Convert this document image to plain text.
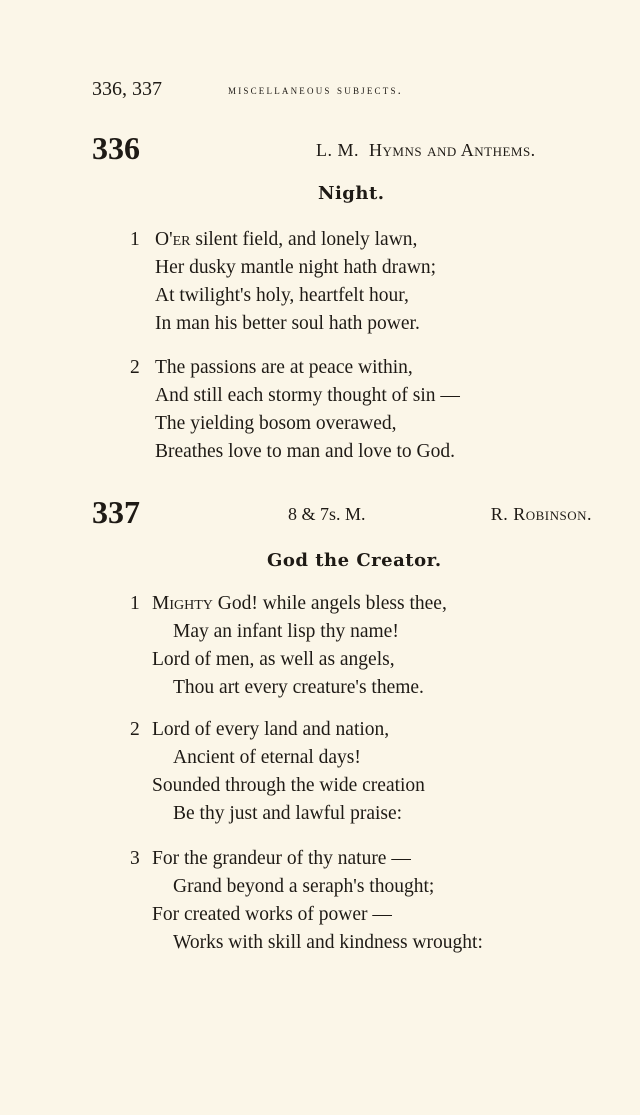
336, 337	miscellaneous subjects.
336	L. M. Hymns and Anthems.
Night.
1 O'er silent field, and lonely lawn,
Her dusky mantle night hath drawn;
At twilight's holy, heartfelt hour,
In man his better soul hath power.
2 The passions are at peace within,
And still each stormy thought of sin —
The yielding bosom overawed,
Breathes love to man and love to God.
337	8 & 7s. M.	R. Robinson.
God the Creator.
1 Mighty God! while angels bless thee,
May an infant lisp thy name!
Lord of men, as well as angels,
Thou art every creature's theme.
2 Lord of every land and nation,
Ancient of eternal days!
Sounded through the wide creation
Be thy just and lawful praise:
3 For the grandeur of thy nature —
Grand beyond a seraph's thought;
For created works of power —
Works with skill and kindness wrought:
